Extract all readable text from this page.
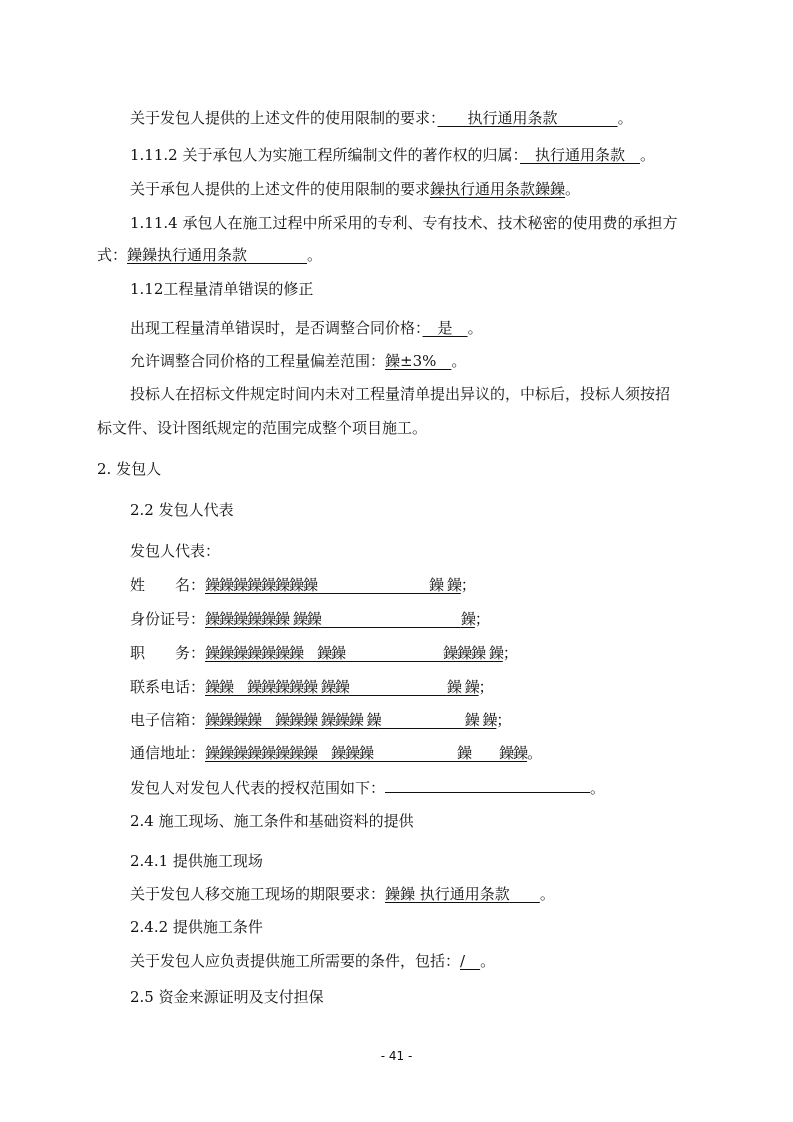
关于发包人提供的上述文件的使用限制的要求：　　 执行通用条款　　　　	。
1.11.2 关于承包人为实施工程所编制文件的著作权的归属：　 执行通用条款　 。
关于承包人提供的上述文件的使用限制的要求鐰执行通用条款鐰鐰。
1.11.4 承包人在施工过程中所采用的专利、专有技术、技术秘密的使用费的承担方
式：鐰鐰执行通用条款　　　　	。
1.12工程量清单错误的修正
出现工程量清单错误时，是否调整合同价格：　 是　 。
允许调整合同价格的工程量偏差范围：鐰±3%　 。
投标人在招标文件规定时间内未对工程量清单提出异议的，中标后，投标人须按招
标文件、设计图纸规定的范围完成整个项目施工。
2. 发包人
2.2 发包人代表
发包人代表：
姓　　名：鐰鐰鐰鐰鐰鐰鐰鐰　　　　　　　　	鐰 鐰；
身份证号：鐰鐰鐰鐰鐰鐰 鐰鐰　　　　　　　　　　	鐰；
职　　务：鐰鐰鐰鐰鐰鐰鐰　鐰鐰　　　　　　　	鐰鐰鐰 鐰；
联系电话：鐰鐰　鐰鐰鐰鐰鐰 鐰鐰　　　　　　　	鐰 鐰；
电子信箱：鐰鐰鐰鐰　鐰鐰鐰 鐰鐰鐰 鐰　　　　　　	鐰 鐰；
通信地址：鐰鐰鐰鐰鐰鐰鐰鐰　鐰鐰鐰　　　　　　	鐰　　鐰鐰。
发包人对发包人代表的授权范围如下：	。
2.4 施工现场、施工条件和基础资料的提供
2.4.1 提供施工现场
关于发包人移交施工现场的期限要求：鐰鐰 执行通用条款　　 。
2.4.2 提供施工条件
关于发包人应负责提供施工所需要的条件，包括：/　 。
2.5 资金来源证明及支付担保
- 41 -
